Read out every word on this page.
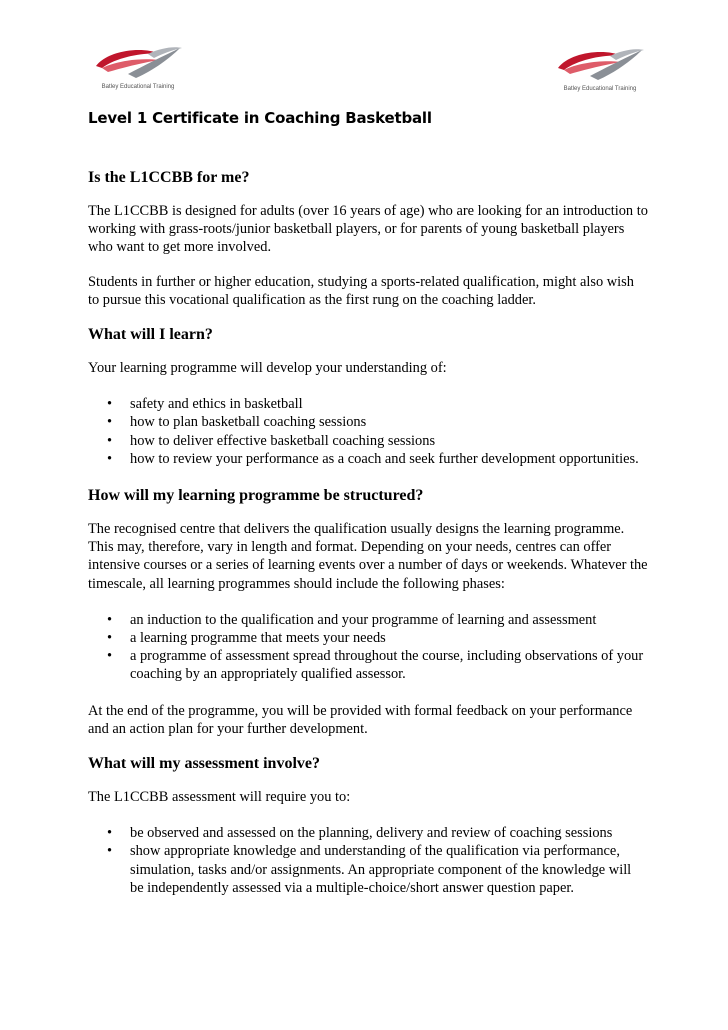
Batley Educational Training	Batley Educational Training
Level 1 Certificate in Coaching Basketball
Is the L1CCBB for me?

The L1CCBB is designed for adults (over 16 years of age) who are looking for an introduction to working with grass-roots/junior basketball players, or for parents of young basketball players who want to get more involved.

Students in further or higher education, studying a sports-related qualification, might also wish to pursue this vocational qualification as the first rung on the coaching ladder.

What will I learn?

Your learning programme will develop your understanding of:

• safety and ethics in basketball
• how to plan basketball coaching sessions
• how to deliver effective basketball coaching sessions
• how to review your performance as a coach and seek further development opportunities.
How will my learning programme be structured?

The recognised centre that delivers the qualification usually designs the learning programme. This may, therefore, vary in length and format. Depending on your needs, centres can offer intensive courses or a series of learning events over a number of days or weekends. Whatever the timescale, all learning programmes should include the following phases:

• an induction to the qualification and your programme of learning and assessment
• a learning programme that meets your needs
• a programme of assessment spread throughout the course, including observations of your coaching by an appropriately qualified assessor.

At the end of the programme, you will be provided with formal feedback on your performance and an action plan for your further development.

What will my assessment involve?

The L1CCBB assessment will require you to:

• be observed and assessed on the planning, delivery and review of coaching sessions
• show appropriate knowledge and understanding of the qualification via performance, simulation, tasks and/or assignments. An appropriate component of the knowledge will be independently assessed via a multiple-choice/short answer question paper.
